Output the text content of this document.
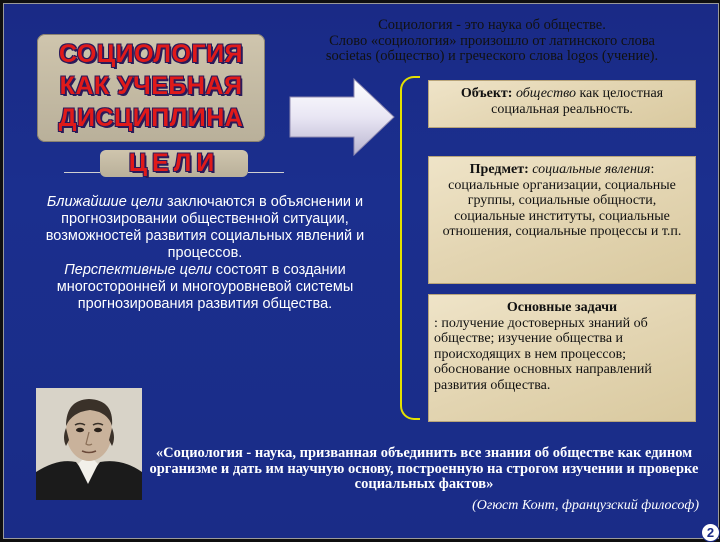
СОЦИОЛОГИЯ
КАК УЧЕБНАЯ
ДИСЦИПЛИНА
Социология - это наука об обществе.
Слово «социология» произошло от латинского слова
societas (общество) и греческого слова logos (учение).
Объект: общество как целостная социальная реальность.
Предмет: социальные явления: социальные организации, социальные группы, социальные общности, социальные институты, социальные отношения, социальные процессы и т.п.
Основные задачи
: получение достоверных знаний об обществе; изучение общества и происходящих в нем процессов; обоснование основных направлений развития общества.
ЦЕЛИ
Ближайшие цели заключаются в объяснении и прогнозировании общественной ситуации, возможностей развития социальных явлений и процессов.
Перспективные цели состоят в создании многосторонней и многоуровневой системы прогнозирования развития общества.
«Социология - наука, призванная объединить все знания об обществе как едином организме и дать им научную основу, построенную на строгом изучении и проверке социальных фактов»
(Огюст Конт, французский философ)
2
